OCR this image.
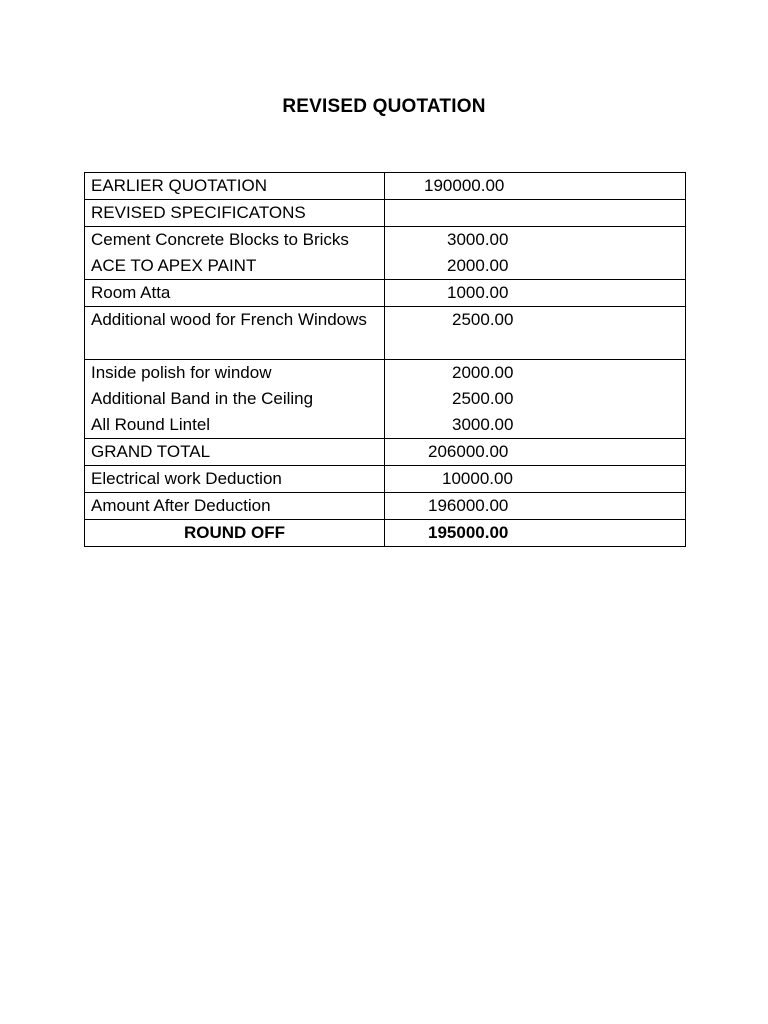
REVISED QUOTATION
EARLIER QUOTATION	190000.00
REVISED SPECIFICATONS	
Cement Concrete Blocks to Bricks	3000.00
ACE TO APEX PAINT	2000.00
Room Atta	1000.00
Additional wood for French Windows	2500.00
Inside polish for window	2000.00
Additional Band in the Ceiling	2500.00
All Round Lintel	3000.00
GRAND TOTAL	206000.00
Electrical work Deduction	10000.00
Amount After Deduction	196000.00
ROUND OFF	195000.00
